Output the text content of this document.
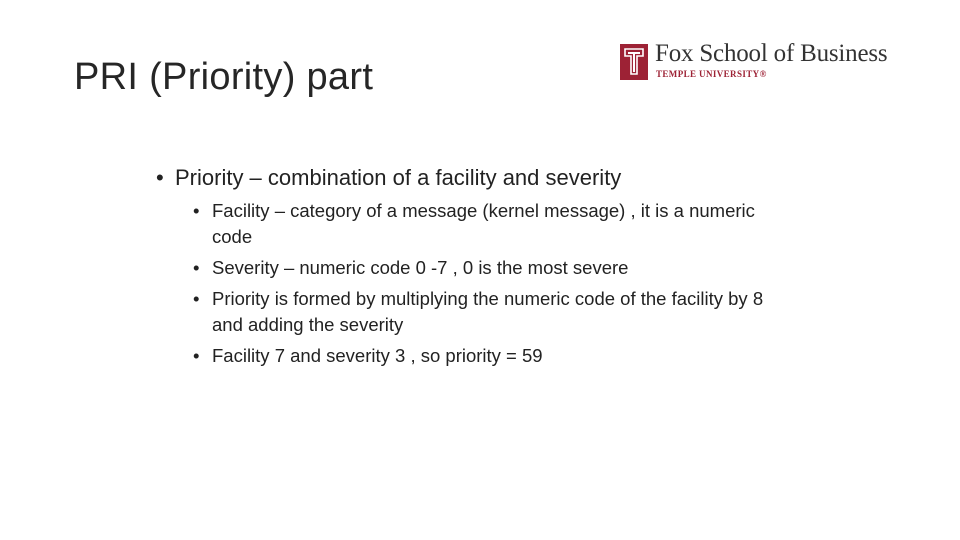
PRI (Priority) part
Fox School of Business
TEMPLE UNIVERSITY®
• Priority – combination of a facility and severity
• Facility – category of a message (kernel message) , it is a numeric code
• Severity – numeric code 0 -7 , 0 is the most severe
• Priority is formed by multiplying the numeric code of the facility by 8 and adding the severity
• Facility 7 and severity 3 , so priority = 59
